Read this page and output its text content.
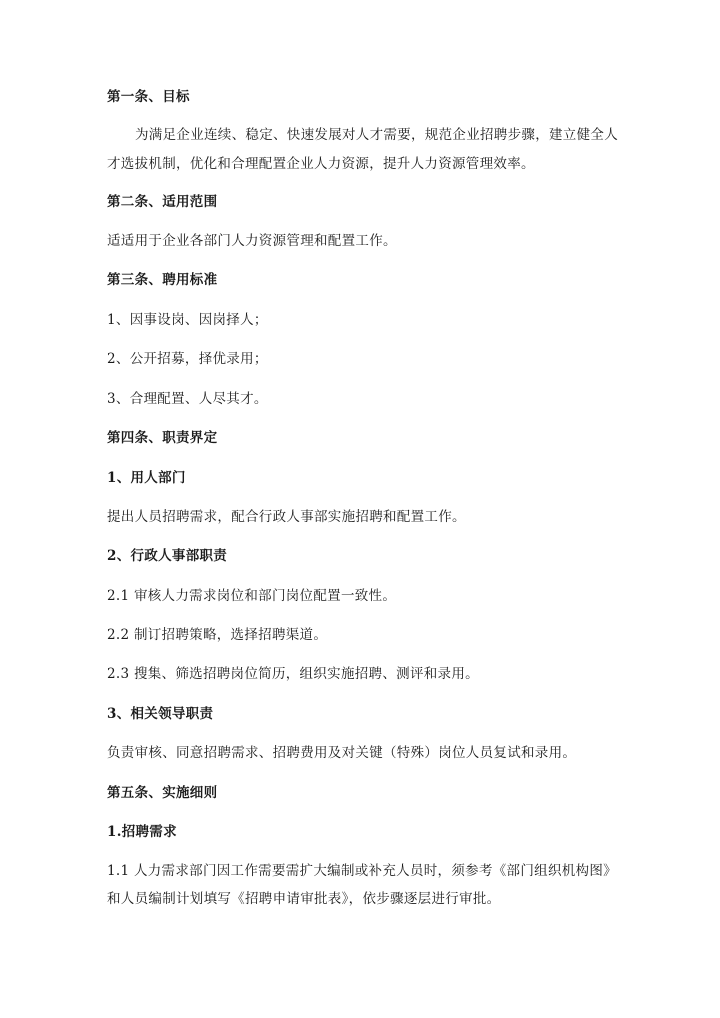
第一条、目标
为满足企业连续、稳定、快速发展对人才需要，规范企业招聘步骤，建立健全人
才选拔机制，优化和合理配置企业人力资源，提升人力资源管理效率。
第二条、适用范围
适适用于企业各部门人力资源管理和配置工作。
第三条、聘用标准
1、因事设岗、因岗择人；
2、公开招募，择优录用；
3、合理配置、人尽其才。
第四条、职责界定
1、用人部门
提出人员招聘需求，配合行政人事部实施招聘和配置工作。
2、行政人事部职责
2.1 审核人力需求岗位和部门岗位配置一致性。
2.2 制订招聘策略，选择招聘渠道。
2.3 搜集、筛选招聘岗位简历，组织实施招聘、测评和录用。
3、相关领导职责
负责审核、同意招聘需求、招聘费用及对关键（特殊）岗位人员复试和录用。
第五条、实施细则
1.招聘需求
1.1 人力需求部门因工作需要需扩大编制或补充人员时，须参考《部门组织机构图》
和人员编制计划填写《招聘申请审批表》，依步骤逐层进行审批。
